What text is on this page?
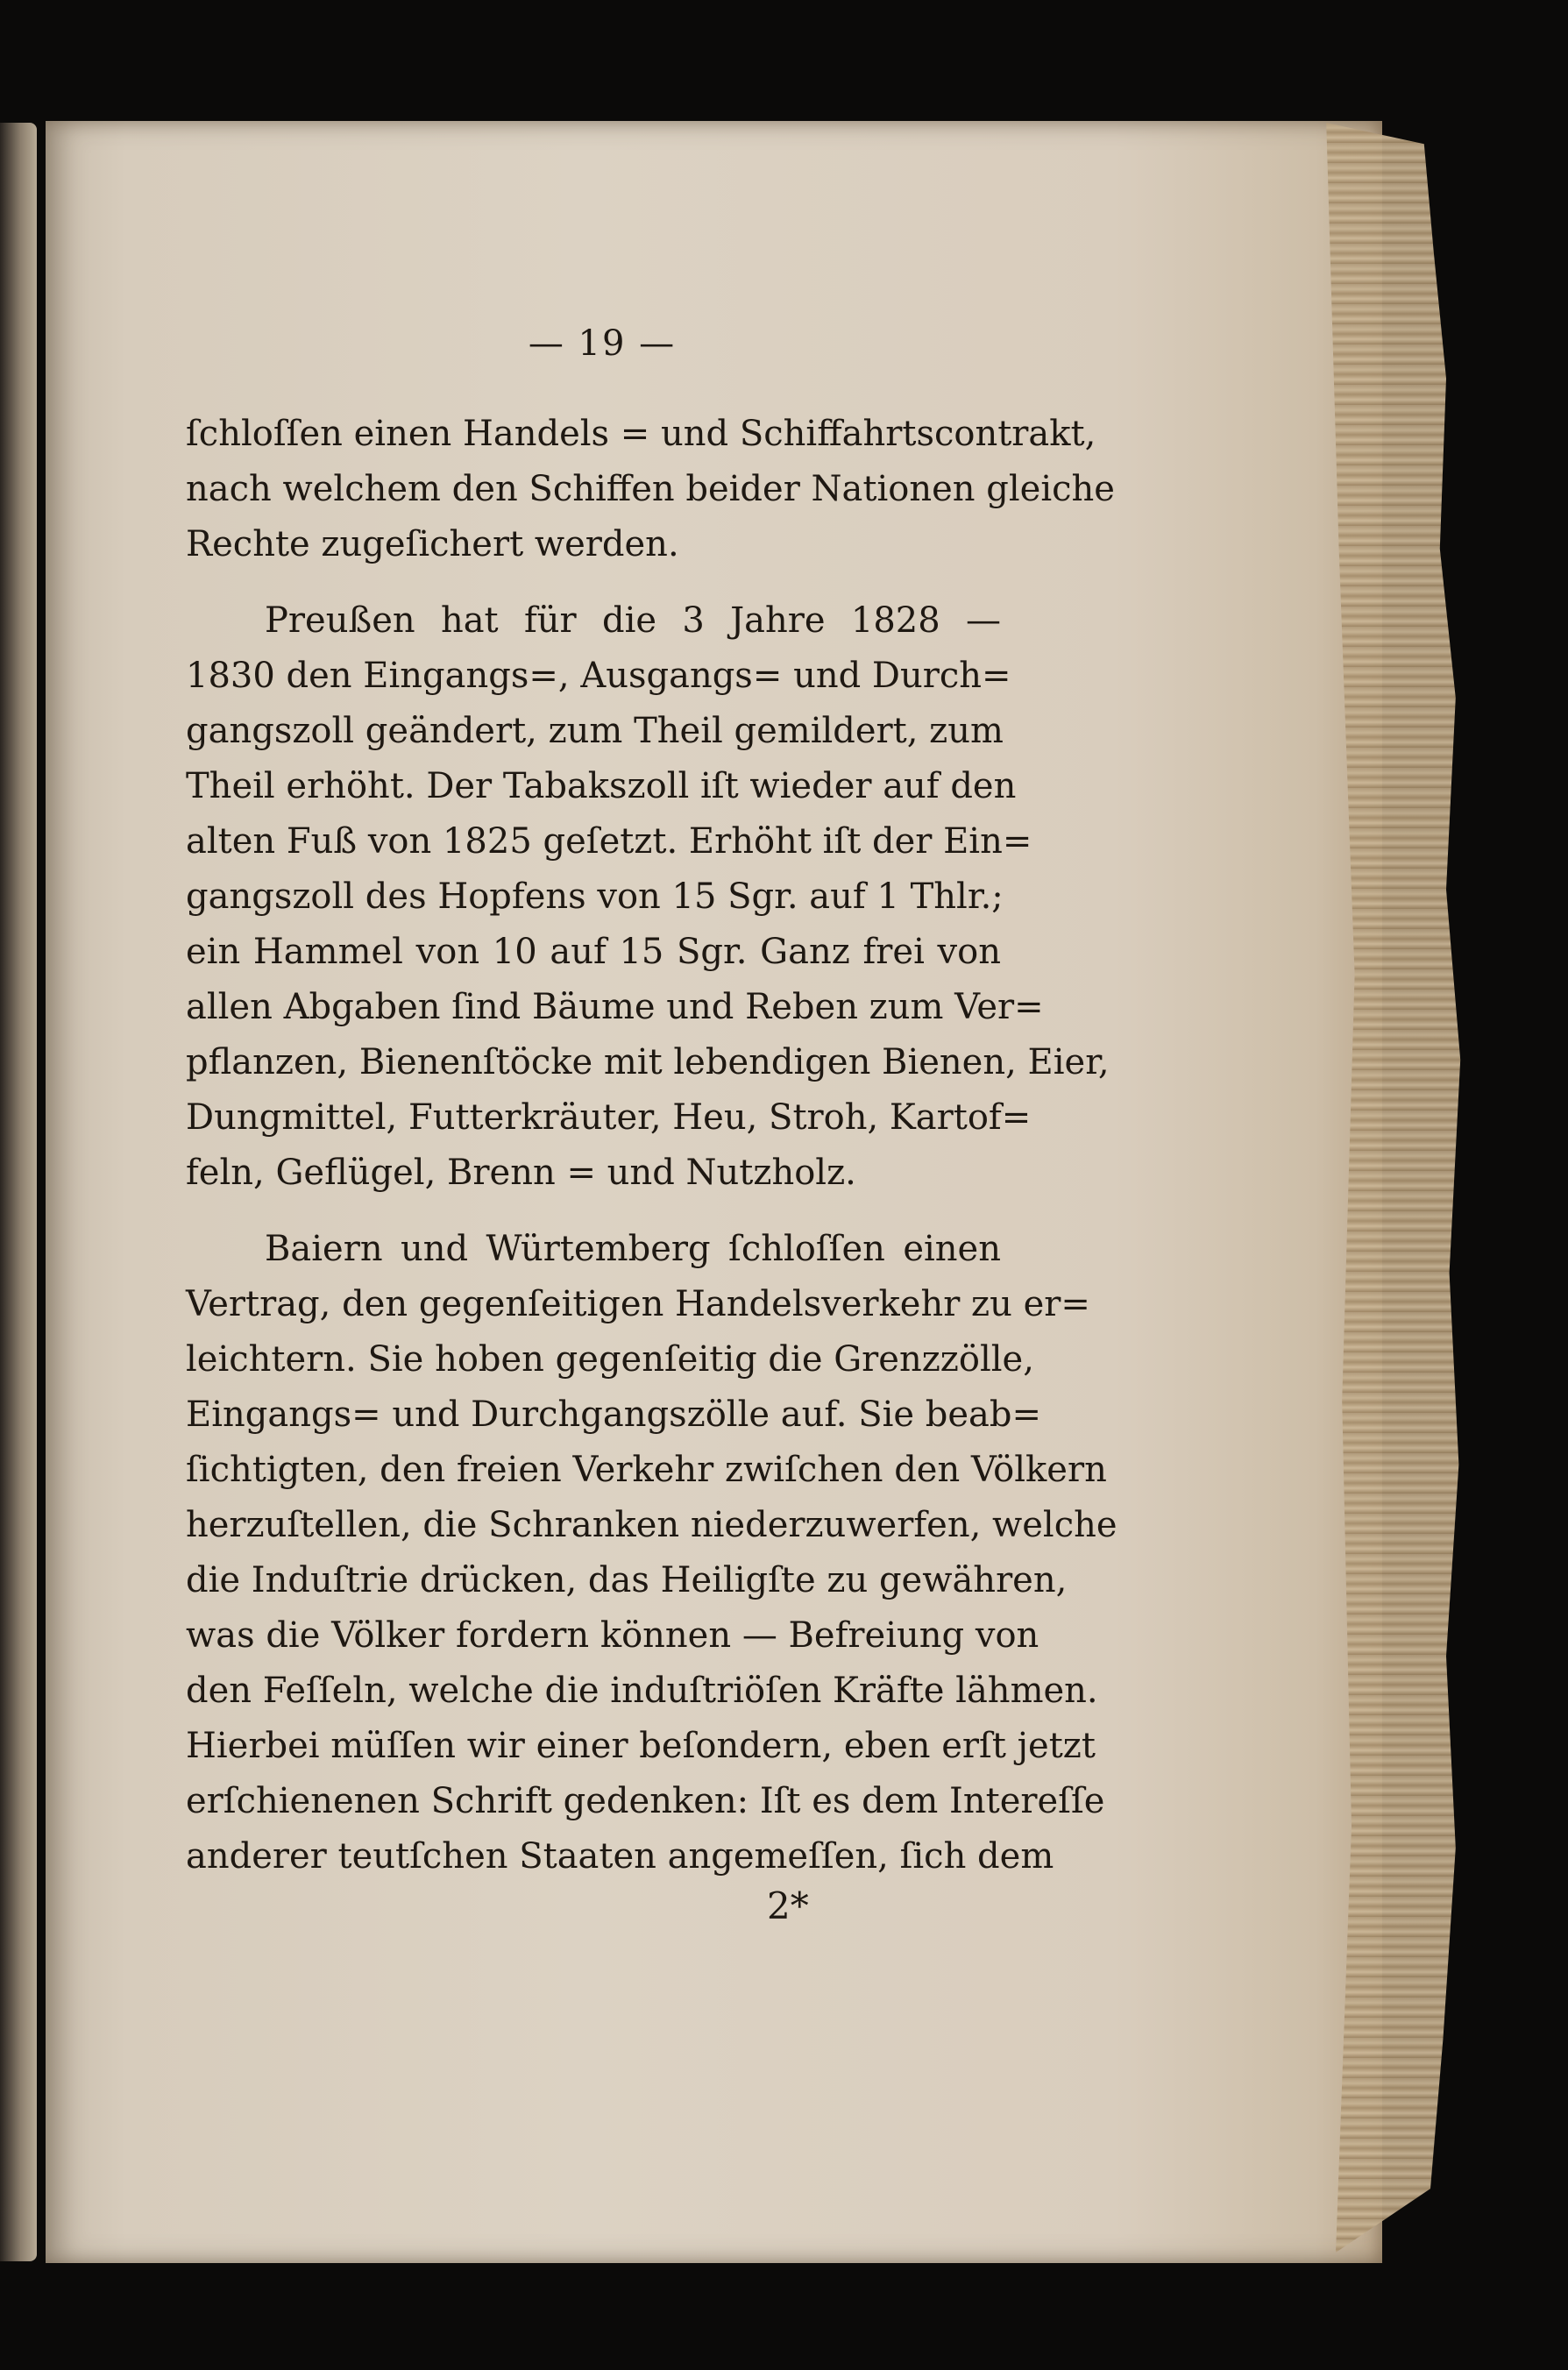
— 19 —
ſchloſſen einen Handels = und Schiffahrtscontrakt,
nach welchem den Schiffen beider Nationen gleiche
Rechte zugeſichert werden.
Preußen hat für die 3 Jahre 1828 —
1830 den Eingangs=, Ausgangs= und Durch=
gangszoll geändert, zum Theil gemildert, zum
Theil erhöht. Der Tabakszoll iſt wieder auf den
alten Fuß von 1825 geſetzt. Erhöht iſt der Ein=
gangszoll des Hopfens von 15 Sgr. auf 1 Thlr.;
ein Hammel von 10 auf 15 Sgr. Ganz frei von
allen Abgaben ſind Bäume und Reben zum Ver=
pflanzen, Bienenſtöcke mit lebendigen Bienen, Eier,
Dungmittel, Futterkräuter, Heu, Stroh, Kartof=
feln, Geflügel, Brenn = und Nutzholz.
Baiern und Würtemberg ſchloſſen einen
Vertrag, den gegenſeitigen Handelsverkehr zu er=
leichtern. Sie hoben gegenſeitig die Grenzzölle,
Eingangs= und Durchgangszölle auf. Sie beab=
ſichtigten, den freien Verkehr zwiſchen den Völkern
herzuſtellen, die Schranken niederzuwerfen, welche
die Induſtrie drücken, das Heiligſte zu gewähren,
was die Völker fordern können — Befreiung von
den Feſſeln, welche die induſtriöſen Kräfte lähmen.
Hierbei müſſen wir einer beſondern, eben erſt jetzt
erſchienenen Schrift gedenken: Iſt es dem Intereſſe
anderer teutſchen Staaten angemeſſen, ſich dem
2*
